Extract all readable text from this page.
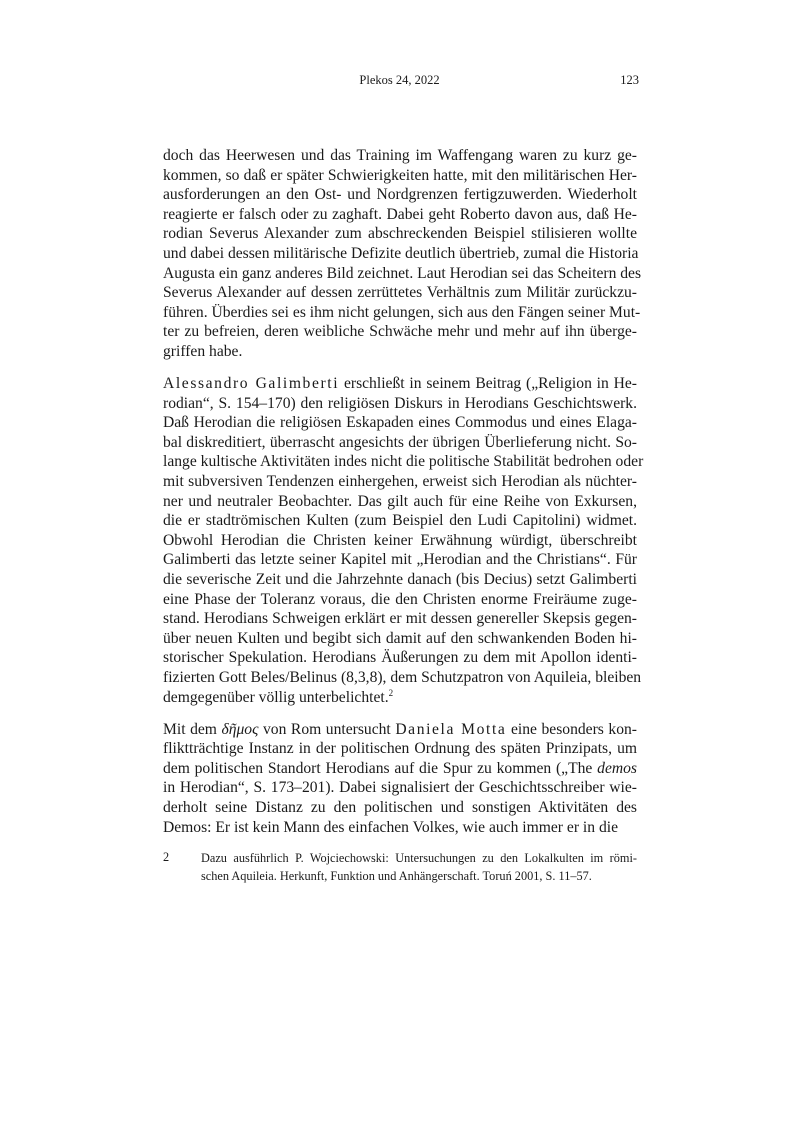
Plekos 24, 2022	123
doch das Heerwesen und das Training im Waffengang waren zu kurz ge-
kommen, so daß er später Schwierigkeiten hatte, mit den militärischen Her-
ausforderungen an den Ost- und Nordgrenzen fertigzuwerden. Wiederholt
reagierte er falsch oder zu zaghaft. Dabei geht Roberto davon aus, daß He-
rodian Severus Alexander zum abschreckenden Beispiel stilisieren wollte
und dabei dessen militärische Defizite deutlich übertrieb, zumal die Historia
Augusta ein ganz anderes Bild zeichnet. Laut Herodian sei das Scheitern des
Severus Alexander auf dessen zerrüttetes Verhältnis zum Militär zurückzu-
führen. Überdies sei es ihm nicht gelungen, sich aus den Fängen seiner Mut-
ter zu befreien, deren weibliche Schwäche mehr und mehr auf ihn überge-
griffen habe.
Alessandro Galimberti erschließt in seinem Beitrag („Religion in He-
rodian“, S. 154–170) den religiösen Diskurs in Herodians Geschichtswerk.
Daß Herodian die religiösen Eskapaden eines Commodus und eines Elaga-
bal diskreditiert, überrascht angesichts der übrigen Überlieferung nicht. So-
lange kultische Aktivitäten indes nicht die politische Stabilität bedrohen oder
mit subversiven Tendenzen einhergehen, erweist sich Herodian als nüchter-
ner und neutraler Beobachter. Das gilt auch für eine Reihe von Exkursen,
die er stadtrömischen Kulten (zum Beispiel den Ludi Capitolini) widmet.
Obwohl Herodian die Christen keiner Erwähnung würdigt, überschreibt
Galimberti das letzte seiner Kapitel mit „Herodian and the Christians“. Für
die severische Zeit und die Jahrzehnte danach (bis Decius) setzt Galimberti
eine Phase der Toleranz voraus, die den Christen enorme Freiräume zuge-
stand. Herodians Schweigen erklärt er mit dessen genereller Skepsis gegen-
über neuen Kulten und begibt sich damit auf den schwankenden Boden hi-
storischer Spekulation. Herodians Äußerungen zu dem mit Apollon identi-
fizierten Gott Beles/Belinus (8,3,8), dem Schutzpatron von Aquileia, bleiben
demgegenüber völlig unterbelichtet.$^2$
Mit dem δῆμος von Rom untersucht Daniela Motta eine besonders kon-
fliktträchtige Instanz in der politischen Ordnung des späten Prinzipats, um
dem politischen Standort Herodians auf die Spur zu kommen („The demos
in Herodian“, S. 173–201). Dabei signalisiert der Geschichtsschreiber wie-
derholt seine Distanz zu den politischen und sonstigen Aktivitäten des
Demos: Er ist kein Mann des einfachen Volkes, wie auch immer er in die
2	Dazu ausführlich P. Wojciechowski: Untersuchungen zu den Lokalkulten im römi-
schen Aquileia. Herkunft, Funktion und Anhängerschaft. Toruń 2001, S. 11–57.
